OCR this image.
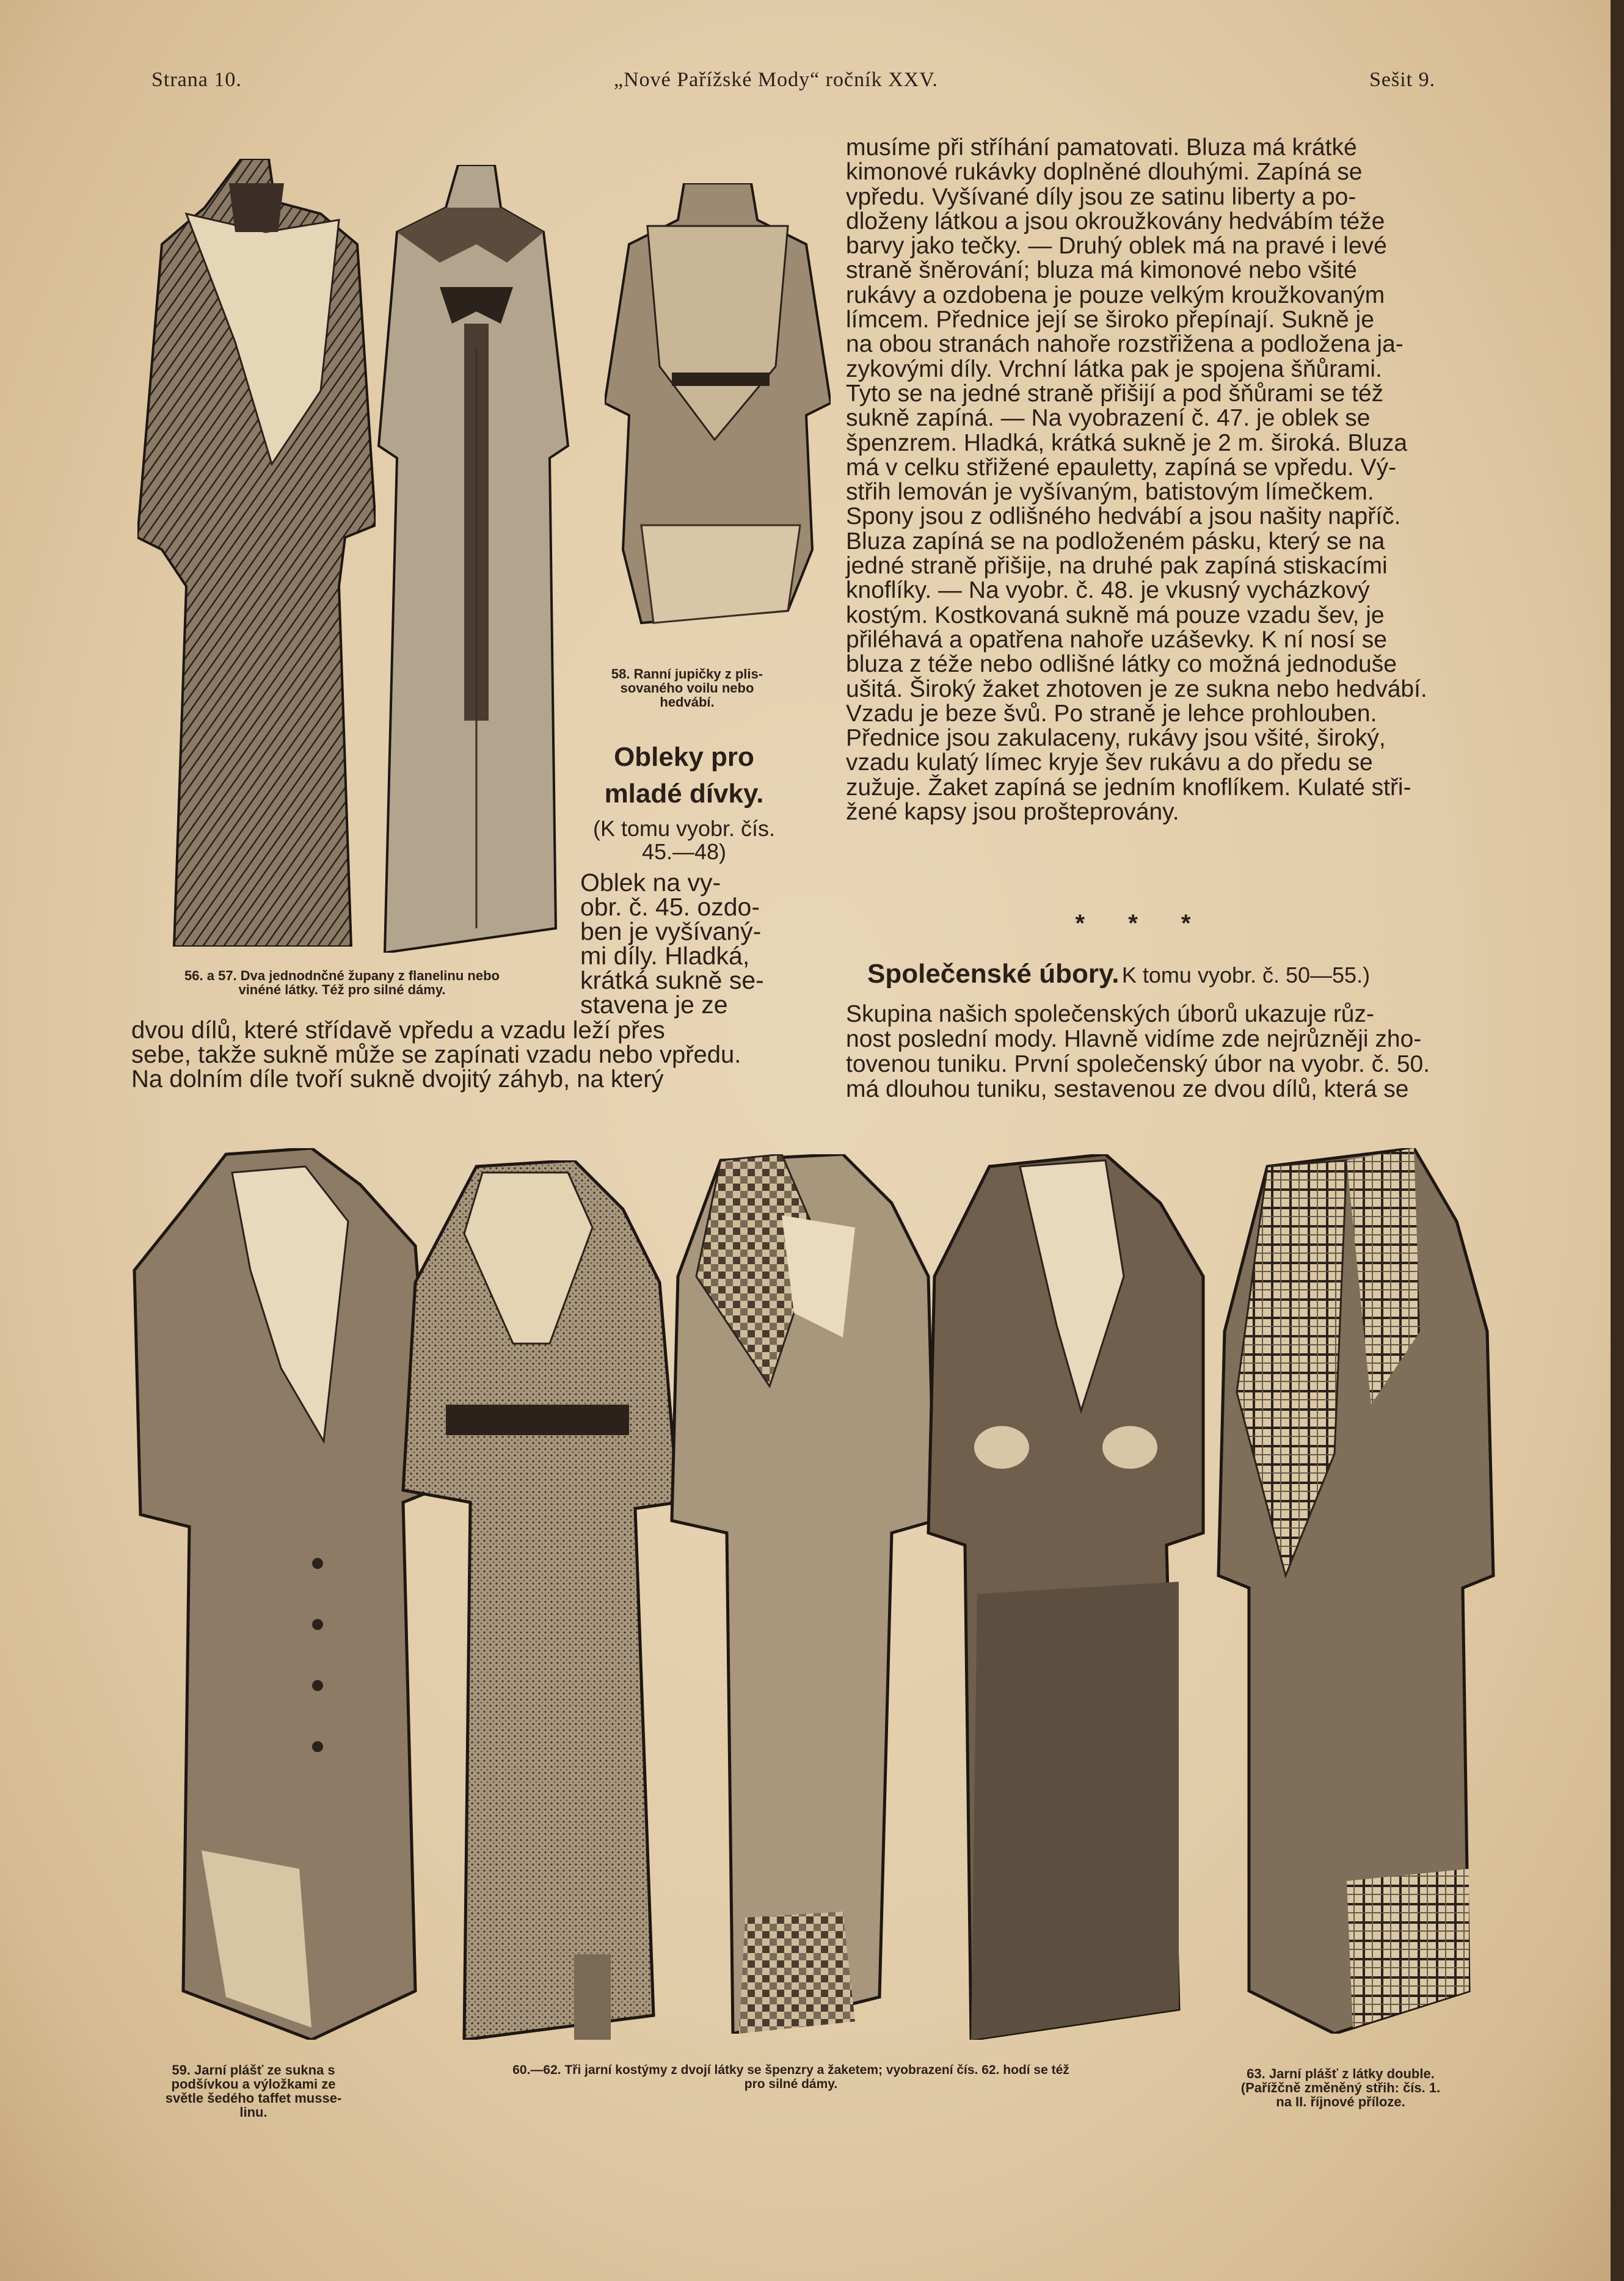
Strana 10.	„Nové Pařížské Mody“ ročník XXV.	Sešit 9.
56. a 57. Dva jednodnčné župany z flanelinu nebo
vinéné látky. Též pro silné dámy.
58. Ranní jupičky z plis-
sovaného voilu nebo
hedvábí.
Obleky pro
mladé dívky.
(K tomu vyobr. čís.
45.—48)
Oblek na vy-
obr. č. 45. ozdo-
ben je vyšívaný-
mi díly. Hladká,
krátká sukně se-
stavena je ze
dvou dílů, které střídavě vpředu a vzadu leží přes
sebe, takže sukně může se zapínati vzadu nebo vpředu.
Na dolním díle tvoří sukně dvojitý záhyb, na který
musíme při stříhání pamatovati. Bluza má krátké
kimonové rukávky doplněné dlouhými. Zapíná se
vpředu. Vyšívané díly jsou ze satinu liberty a po-
dloženy látkou a jsou okroužkovány hedvábím téže
barvy jako tečky. — Druhý oblek má na pravé i levé
straně šněrování; bluza má kimonové nebo všité
rukávy a ozdobena je pouze velkým kroužkovaným
límcem. Přednice její se široko přepínají. Sukně je
na obou stranách nahoře rozstřižena a podložena ja-
zykovými díly. Vrchní látka pak je spojena šňůrami.
Tyto se na jedné straně přišijí a pod šňůrami se též
sukně zapíná. — Na vyobrazení č. 47. je oblek se
špenzrem. Hladká, krátká sukně je 2 m. široká. Bluza
má v celku střižené epauletty, zapíná se vpředu. Vý-
střih lemován je vyšívaným, batistovým límečkem.
Spony jsou z odlišného hedvábí a jsou našity napříč.
Bluza zapíná se na podloženém pásku, který se na
jedné straně přišije, na druhé pak zapíná stiskacími
knoflíky. — Na vyobr. č. 48. je vkusný vycházkový
kostým. Kostkovaná sukně má pouze vzadu šev, je
přiléhavá a opatřena nahoře uzáševky. K ní nosí se
bluza z téže nebo odlišné látky co možná jednoduše
ušitá. Široký žaket zhotoven je ze sukna nebo hedvábí.
Vzadu je beze švů. Po straně je lehce prohlouben.
Přednice jsou zakulaceny, rukávy jsou všité, široký,
vzadu kulatý límec kryje šev rukávu a do předu se
zužuje. Žaket zapíná se jedním knoflíkem. Kulaté stři-
žené kapsy jsou prošteprovány.
* * *
Společenské úbory. K tomu vyobr. č. 50—55.)
Skupina našich společenských úborů ukazuje růz-
nost poslední mody. Hlavně vidíme zde nejrůzněji zho-
tovenou tuniku. První společenský úbor na vyobr. č. 50.
má dlouhou tuniku, sestavenou ze dvou dílů, která se
59. Jarní plášť ze sukna s
podšívkou a výložkami ze
světle šedého taffet musse-
linu.
60.—62. Tři jarní kostýmy z dvojí látky se špenzry a žaketem; vyobrazení čís. 62. hodí se též
pro silné dámy.
63. Jarní plášť z látky double.
(Pařížčně změněný střih: čís. 1.
na II. říjnové příloze.
